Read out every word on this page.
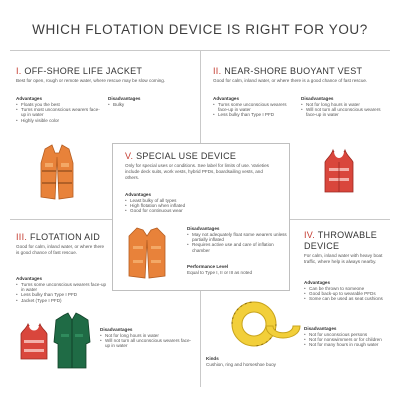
WHICH FLOTATION DEVICE IS RIGHT FOR YOU?
I. OFF-SHORE LIFE JACKET
Best for open, rough or remote water, where rescue may be slow coming.
Advantages
• Floats you the best
• Turns most unconscious wearers face-up in water
• Highly visible color
Disadvantages
• Bulky
II. NEAR-SHORE BUOYANT VEST
Good for calm, inland water, or where there is a good chance of fast rescue.
Advantages
• Turns some unconscious wearers face-up in water
• Less bulky than Type I PFD
Disadvantages
• Not for long hours in water
• Will not turn all unconscious wearers face-up in water
III. FLOTATION AID
Good for calm, inland water, or where there is good chance of fast rescue.
Advantages
• Turns some unconscious wearers face-up in water
• Less bulky than Type I PFD
• Jacket (Type I PFD)
Disadvantages
• Not for long hours in water
• Will not turn all unconscious wearers face-up in water
IV. THROWABLE DEVICE
For calm, inland water with heavy boat traffic, where help is always nearby.
Advantages
• Can be thrown to someone
• Good back-up to wearable PFDs
• Some can be used as seat cushions
Disadvantages
• Not for unconscious persons
• Not for nonswimmers or for children
• Not for many hours in rough water
Kinds
Cushion, ring and horseshoe buoy
V. SPECIAL USE DEVICE
Only for special uses or conditions. See label for limits of use. Varieties include deck suits, work vests, hybrid PFDs, boardsailing vests, and others.
Advantages
• Least bulky of all types
• High flotation when inflated
• Good for continuous wear
Disadvantages
• May not adequately float some wearers unless partially inflated
• Requires active use and care of inflation chamber
Performance Level
Equal to Type I, II or III as noted
